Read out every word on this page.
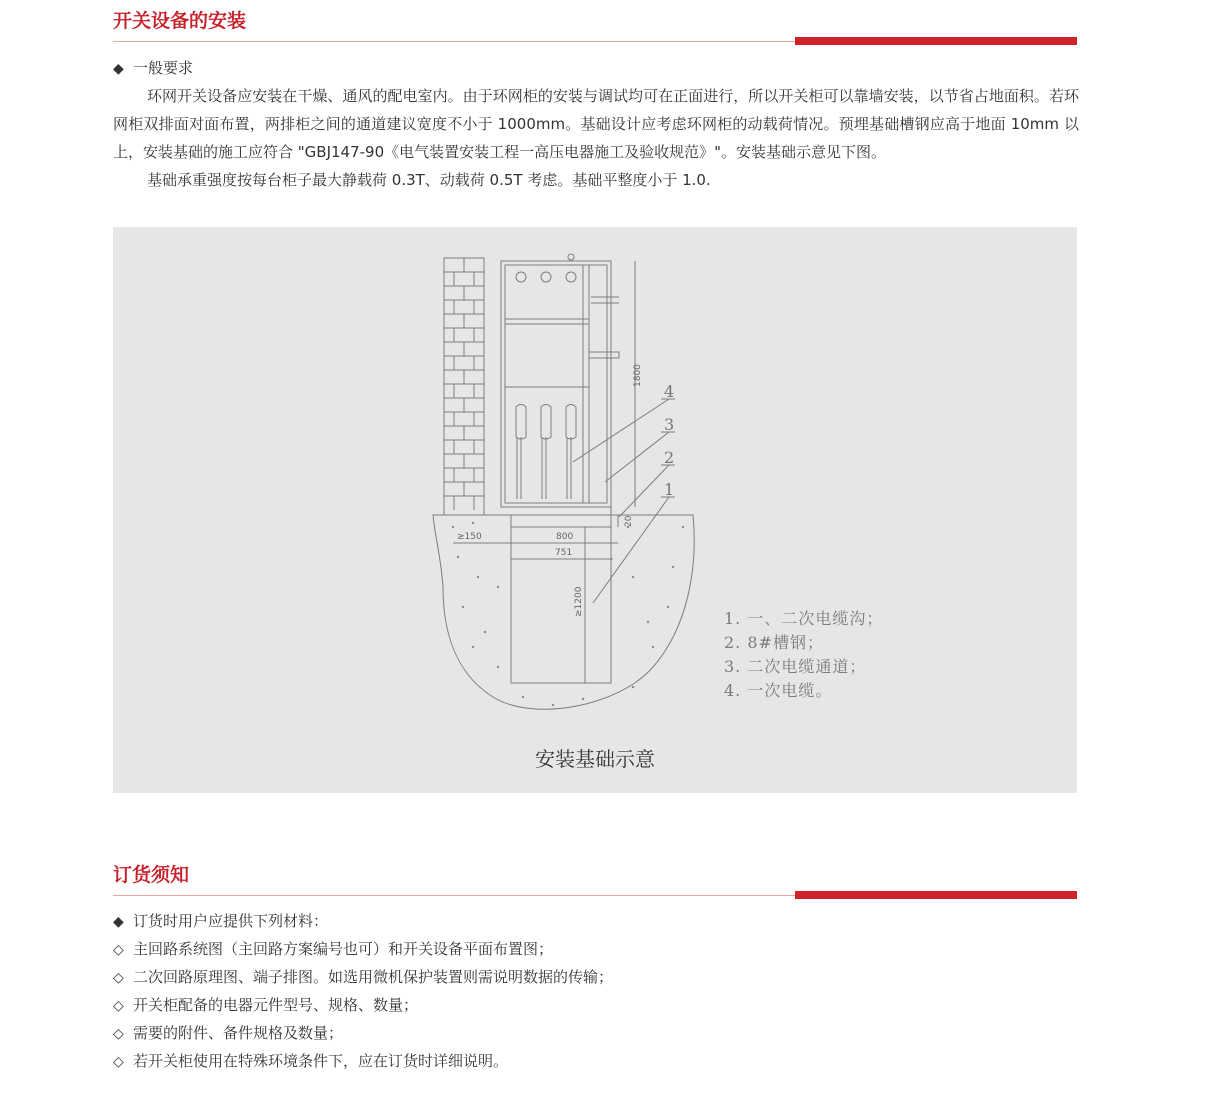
开关设备的安装
◆ 一般要求

环网开关设备应安装在干燥、通风的配电室内。由于环网柜的安装与调试均可在正面进行，所以开关柜可以靠墙安装，以节省占地面积。若环网柜双排面对面布置，两排柜之间的通道建议宽度不小于 1000mm。基础设计应考虑环网柜的动载荷情况。预埋基础槽钢应高于地面 10mm 以上，安装基础的施工应符合 "GBJ147-90《电气装置安装工程一高压电器施工及验收规范》"。安装基础示意见下图。

基础承重强度按每台柜子最大静载荷 0.3T、动载荷 0.5T 考虑。基础平整度小于 1.0.

1800
≥150	800
751
20
≥1200
1
2
3
4
1. 一、二次电缆沟；
2. 8#槽钢；
3. 二次电缆通道；
4. 一次电缆。
安装基础示意
订货须知
◆ 订货时用户应提供下列材料：
◇ 主回路系统图（主回路方案编号也可）和开关设备平面布置图；
◇ 二次回路原理图、端子排图。如选用微机保护装置则需说明数据的传输；
◇ 开关柜配备的电器元件型号、规格、数量；
◇ 需要的附件、备件规格及数量；
◇ 若开关柜使用在特殊环境条件下，应在订货时详细说明。
